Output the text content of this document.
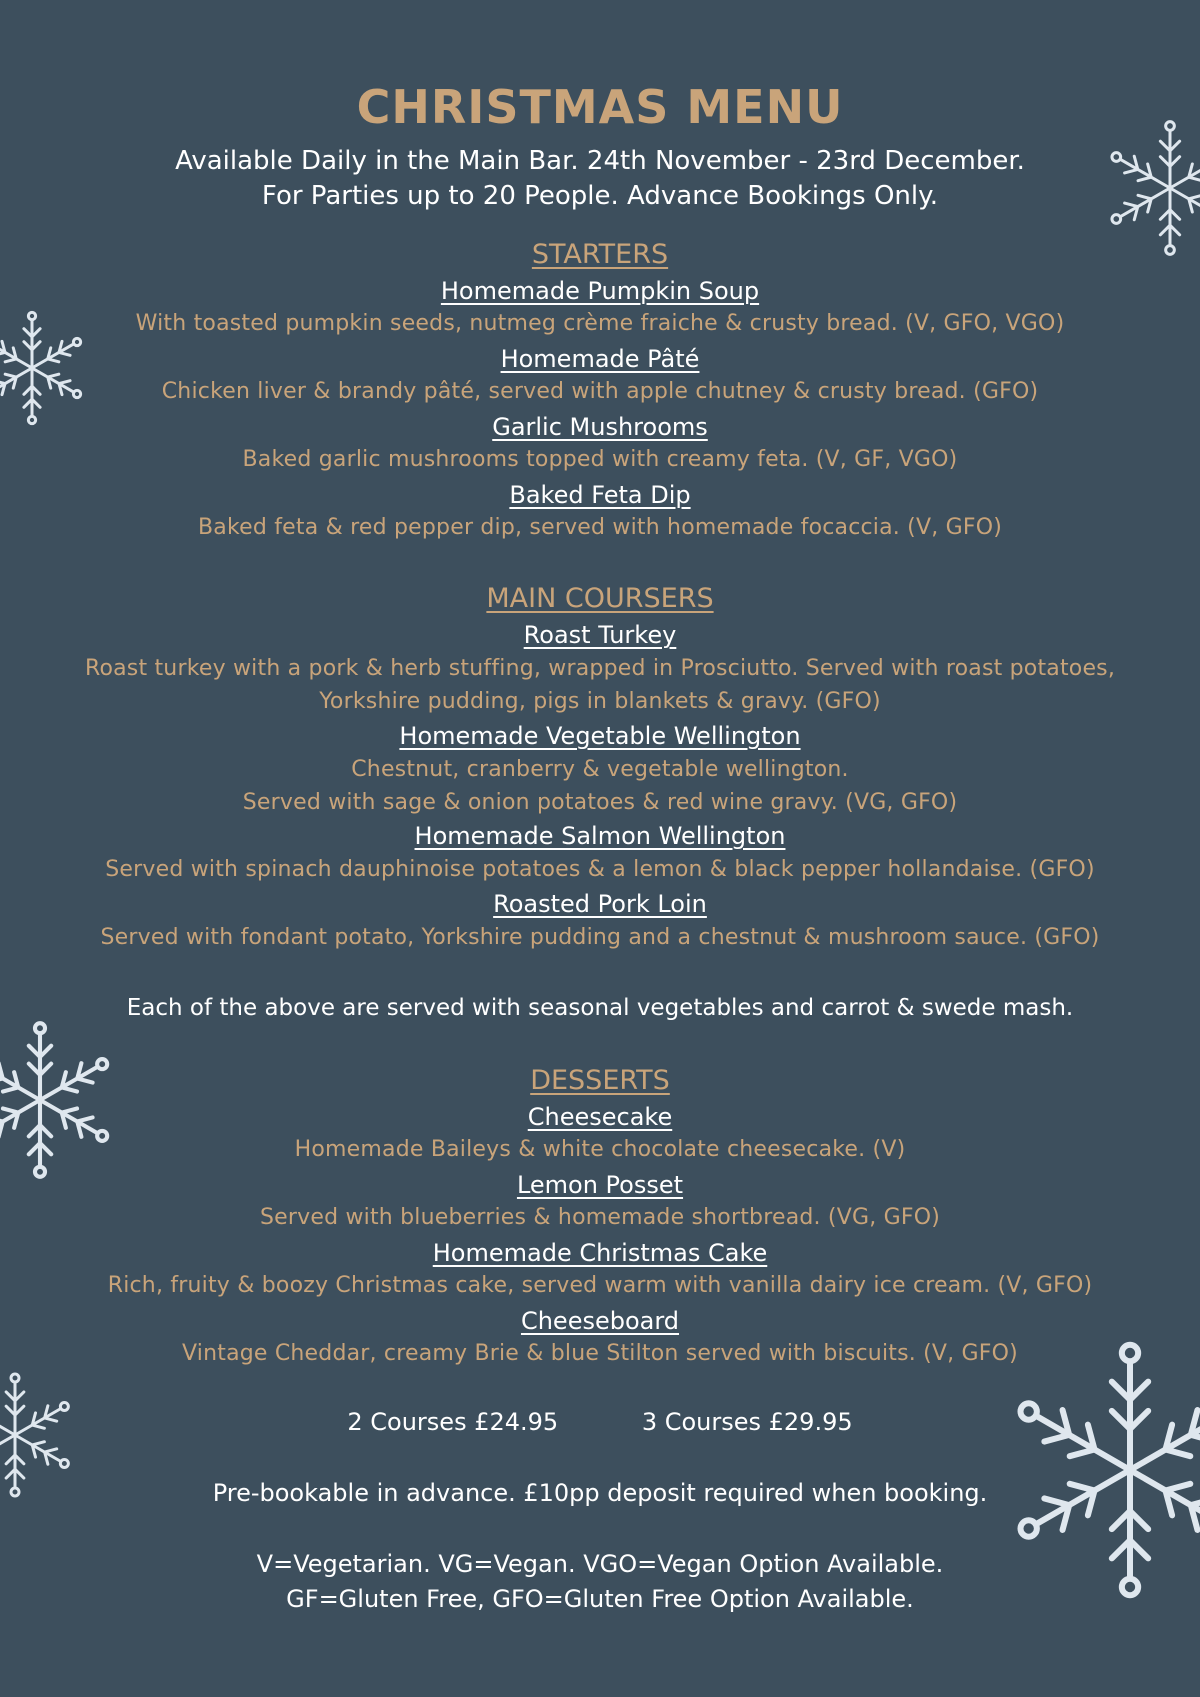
CHRISTMAS MENU
Available Daily in the Main Bar. 24th November - 23rd December.
For Parties up to 20 People. Advance Bookings Only.
STARTERS
Homemade Pumpkin Soup
With toasted pumpkin seeds, nutmeg crème fraiche & crusty bread. (V, GFO, VGO)
Homemade Pâté
Chicken liver & brandy pâté, served with apple chutney & crusty bread. (GFO)
Garlic Mushrooms
Baked garlic mushrooms topped with creamy feta. (V, GF, VGO)
Baked Feta Dip
Baked feta & red pepper dip, served with homemade focaccia. (V, GFO)
MAIN COURSERS
Roast Turkey
Roast turkey with a pork & herb stuffing, wrapped in Prosciutto. Served with roast potatoes,
Yorkshire pudding, pigs in blankets & gravy. (GFO)
Homemade Vegetable Wellington
Chestnut, cranberry & vegetable wellington.
Served with sage & onion potatoes & red wine gravy. (VG, GFO)
Homemade Salmon Wellington
Served with spinach dauphinoise potatoes & a lemon & black pepper hollandaise. (GFO)
Roasted Pork Loin
Served with fondant potato, Yorkshire pudding and a chestnut & mushroom sauce. (GFO)
Each of the above are served with seasonal vegetables and carrot & swede mash.
DESSERTS
Cheesecake
Homemade Baileys & white chocolate cheesecake. (V)
Lemon Posset
Served with blueberries & homemade shortbread. (VG, GFO)
Homemade Christmas Cake
Rich, fruity & boozy Christmas cake, served warm with vanilla dairy ice cream. (V, GFO)
Cheeseboard
Vintage Cheddar, creamy Brie & blue Stilton served with biscuits. (V, GFO)
2 Courses £24.95	3 Courses £29.95
Pre-bookable in advance. £10pp deposit required when booking.
V=Vegetarian. VG=Vegan. VGO=Vegan Option Available.
GF=Gluten Free, GFO=Gluten Free Option Available.
